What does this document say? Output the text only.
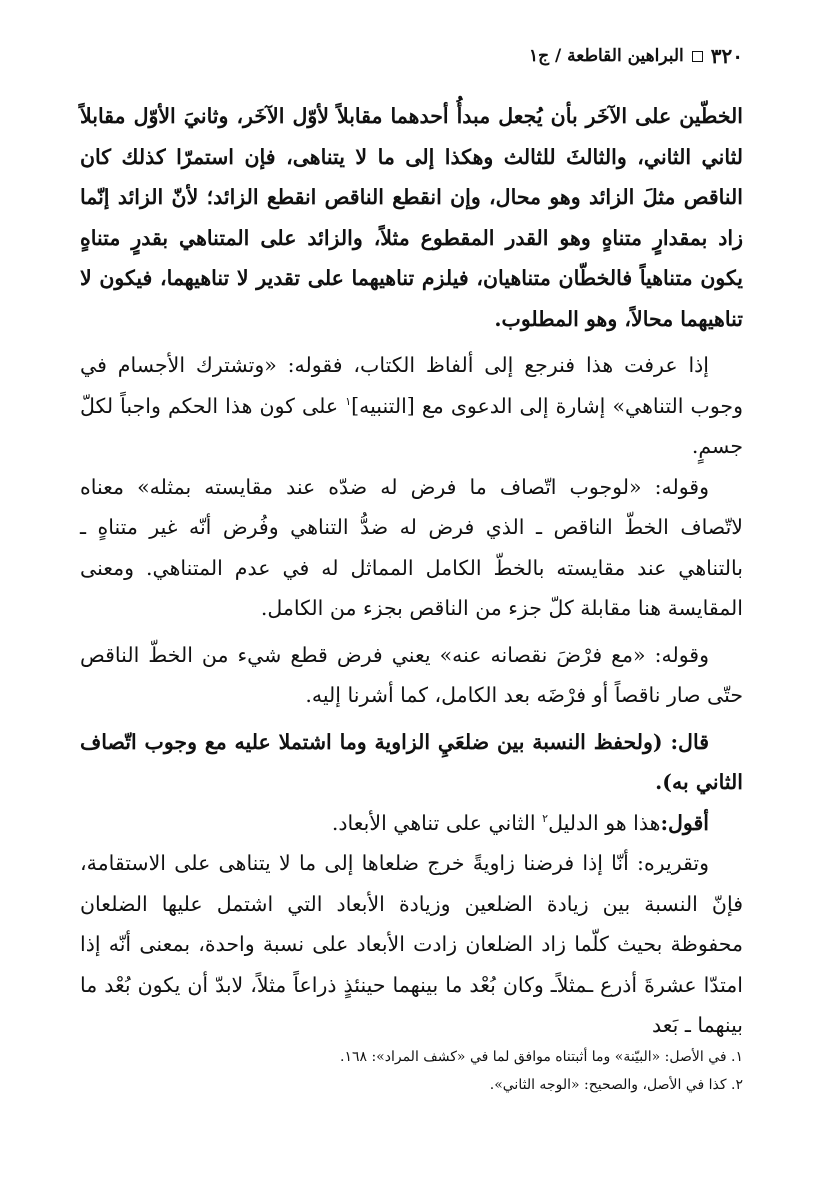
٣٢٠
البراهين القاطعة / ج١

الخطّين على الآخَر بأن يُجعل مبدأُ أحدهما مقابلاً لأوّل الآخَر، وثانيَ الأوّل مقابلاً لثاني الثاني، والثالثَ للثالث وهكذا إلى ما لا يتناهى، فإن استمرّا كذلك كان الناقص مثلَ الزائد وهو محال، وإن انقطع الناقص انقطع الزائد؛ لأنّ الزائد إنّما زاد بمقدارٍ متناهٍ وهو القدر المقطوع مثلاً، والزائد على المتناهي بقدرٍ متناهٍ يكون متناهياً فالخطّان متناهيان، فيلزم تناهيهما على تقدير لا تناهيهما، فيكون لا تناهيهما محالاً، وهو المطلوب.

إذا عرفت هذا فنرجع إلى ألفاظ الكتاب، فقوله: «وتشترك الأجسام في وجوب التناهي» إشارة إلى الدعوى مع [التنبيه]$^١$ على كون هذا الحكم واجباً لكلّ جسمٍ.

وقوله: «لوجوب اتّصاف ما فرض له ضدّه عند مقايسته بمثله» معناه لاتّصاف الخطّ الناقص ـ الذي فرض له ضدُّ التناهي وفُرض أنّه غير متناهٍ ـ بالتناهي عند مقايسته بالخطّ الكامل المماثل له في عدم المتناهي. ومعنى المقايسة هنا مقابلة كلّ جزء من الناقص بجزء من الكامل.

وقوله: «مع فرْضَ نقصانه عنه» يعني فرض قطع شيء من الخطّ الناقص حتّى صار ناقصاً أو فرْضَه بعد الكامل، كما أشرنا إليه.

قال: (ولحفظ النسبة بين ضلعَيِ الزاوية وما اشتملا عليه مع وجوب اتّصاف الثاني به).

أقول:هذا هو الدليل$^٢$ الثاني على تناهي الأبعاد.

وتقريره: أنّا إذا فرضنا زاويةً خرج ضلعاها إلى ما لا يتناهى على الاستقامة، فإنّ النسبة بين زيادة الضلعين وزيادة الأبعاد التي اشتمل عليها الضلعان محفوظة بحيث كلّما زاد الضلعان زادت الأبعاد على نسبة واحدة، بمعنى أنّه إذا امتدّا عشرةَ أذرع ـمثلاًـ وكان بُعْد ما بينهما حينئذٍ ذراعاً مثلاً، لابدّ أن يكون بُعْد ما بينهما ـ بَعد

١. في الأصل: «البيّنة» وما أثبتناه موافق لما في «كشف المراد»: ١٦٨.

٢. كذا في الأصل، والصحيح: «الوجه الثاني».
